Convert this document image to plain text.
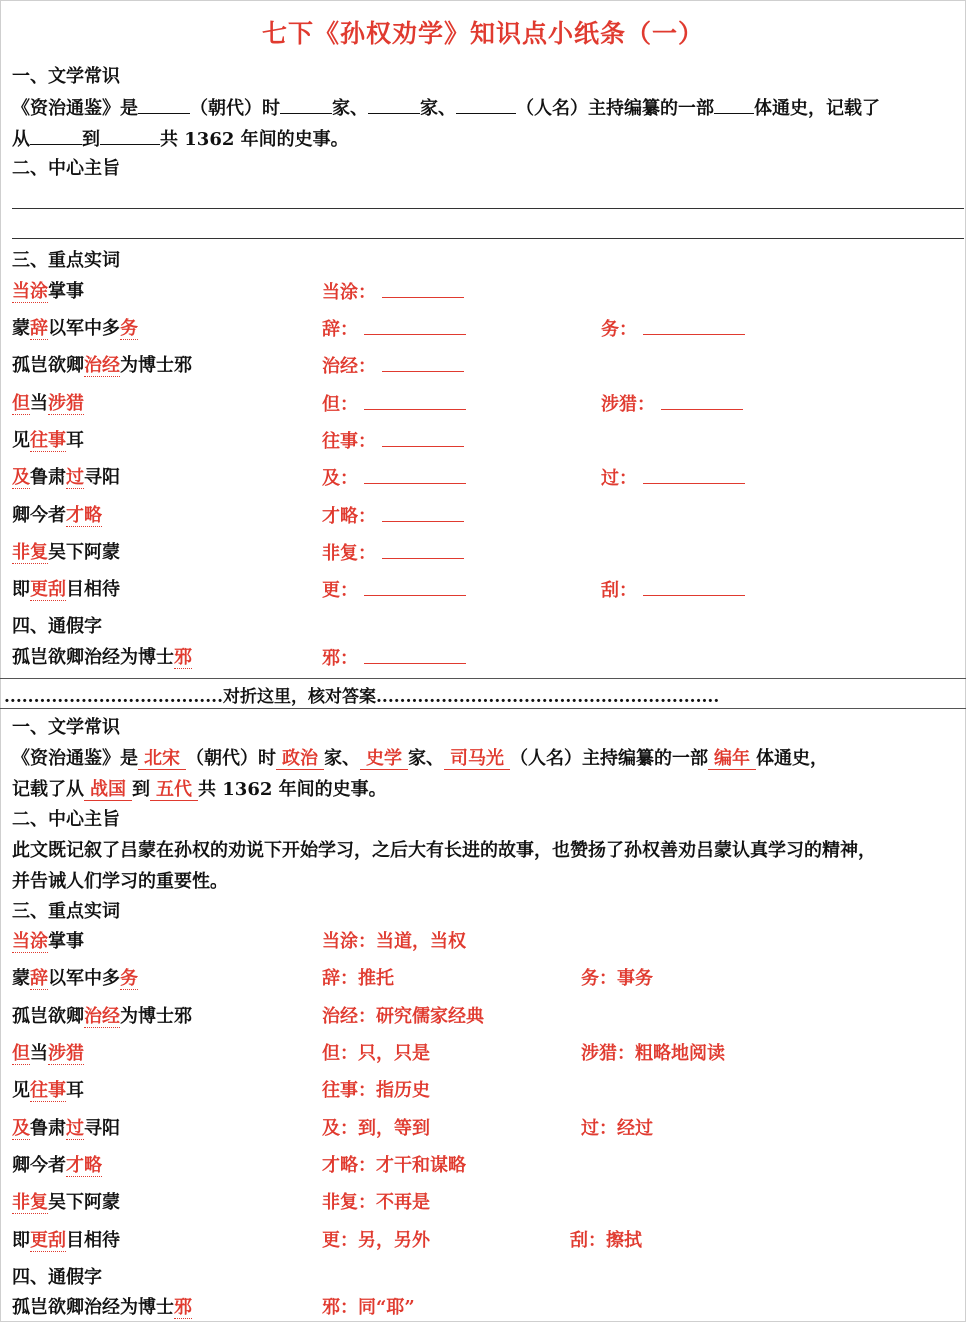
七下《孙权劝学》知识点小纸条（一）
一、文学常识
《资治通鉴》是	（朝代）时	家、	家、	（人名）主持编纂的一部 体通史，记载了
从	到	共 1362 年间的史事。
二、中心主旨
三、重点实词
当涂掌事	当涂：
蒙辞以军中多务	辞：	务：
孤岂欲卿治经为博士邪	治经：
但当涉猎	但：	涉猎：
见往事耳	往事：
及鲁肃过寻阳	及：	过：
卿今者才略	才略：
非复吴下阿蒙	非复：
即更刮目相待	更：	刮：
四、通假字
孤岂欲卿治经为博士邪	邪：
.....................................对折这里，核对答案..........................................................
一、文学常识
《资治通鉴》是 北宋 （朝代）时 政治 家、 史学 家、 司马光 （人名）主持编纂的一部 编年 体通史，
记载了从 战国 到 五代 共 1362 年间的史事。
二、中心主旨
此文既记叙了吕蒙在孙权的劝说下开始学习，之后大有长进的故事，也赞扬了孙权善劝吕蒙认真学习的精神，
并告诫人们学习的重要性。
三、重点实词
当涂掌事	当涂：当道，当权
蒙辞以军中多务	辞：推托	务：事务
孤岂欲卿治经为博士邪	治经：研究儒家经典
但当涉猎	但：只，只是	涉猎：粗略地阅读
见往事耳	往事：指历史
及鲁肃过寻阳	及：到，等到	过：经过
卿今者才略	才略：才干和谋略
非复吴下阿蒙	非复：不再是
即更刮目相待	更：另，另外	刮：擦拭
四、通假字
孤岂欲卿治经为博士邪	邪：同“耶”
